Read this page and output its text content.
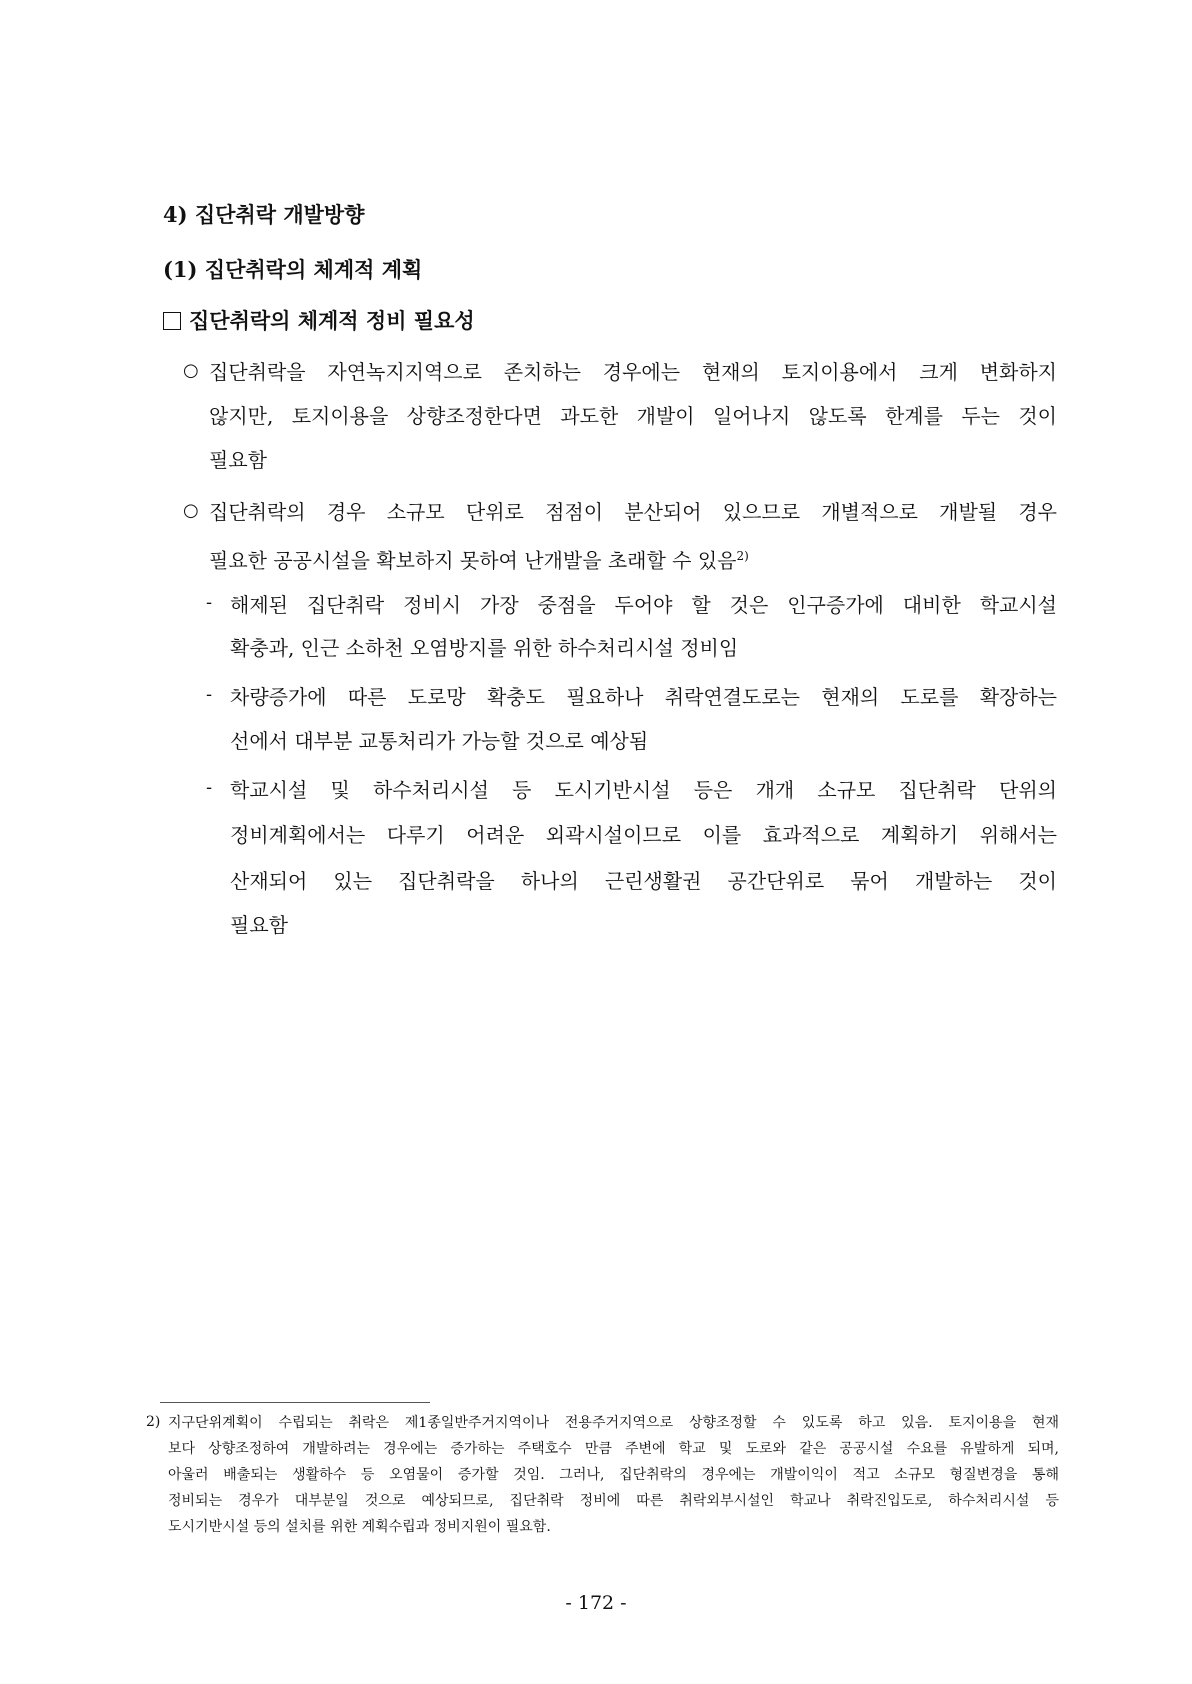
4) 집단취락 개발방향
(1) 집단취락의 체계적 계획
집단취락의 체계적 정비 필요성
○ 집단취락을 자연녹지지역으로 존치하는 경우에는 현재의 토지이용에서 크게 변화하지
않지만, 토지이용을 상향조정한다면 과도한 개발이 일어나지 않도록 한계를 두는 것이
필요함
○ 집단취락의 경우 소규모 단위로 점점이 분산되어 있으므로 개별적으로 개발될 경우
필요한 공공시설을 확보하지 못하여 난개발을 초래할 수 있음$^{2)}$
- 해제된 집단취락 정비시 가장 중점을 두어야 할 것은 인구증가에 대비한 학교시설
확충과, 인근 소하천 오염방지를 위한 하수처리시설 정비임
- 차량증가에 따른 도로망 확충도 필요하나 취락연결도로는 현재의 도로를 확장하는
선에서 대부분 교통처리가 가능할 것으로 예상됨
- 학교시설 및 하수처리시설 등 도시기반시설 등은 개개 소규모 집단취락 단위의
정비계획에서는 다루기 어려운 외곽시설이므로 이를 효과적으로 계획하기 위해서는
산재되어 있는 집단취락을 하나의 근린생활권 공간단위로 묶어 개발하는 것이
필요함
2) 지구단위계획이 수립되는 취락은 제1종일반주거지역이나 전용주거지역으로 상향조정할 수 있도록 하고 있음. 토지이용을 현재
보다 상향조정하여 개발하려는 경우에는 증가하는 주택호수 만큼 주변에 학교 및 도로와 같은 공공시설 수요를 유발하게 되며,
아울러 배출되는 생활하수 등 오염물이 증가할 것임. 그러나, 집단취락의 경우에는 개발이익이 적고 소규모 형질변경을 통해
정비되는 경우가 대부분일 것으로 예상되므로, 집단취락 정비에 따른 취락외부시설인 학교나 취락진입도로, 하수처리시설 등
도시기반시설 등의 설치를 위한 계획수립과 정비지원이 필요함.
- 172 -
